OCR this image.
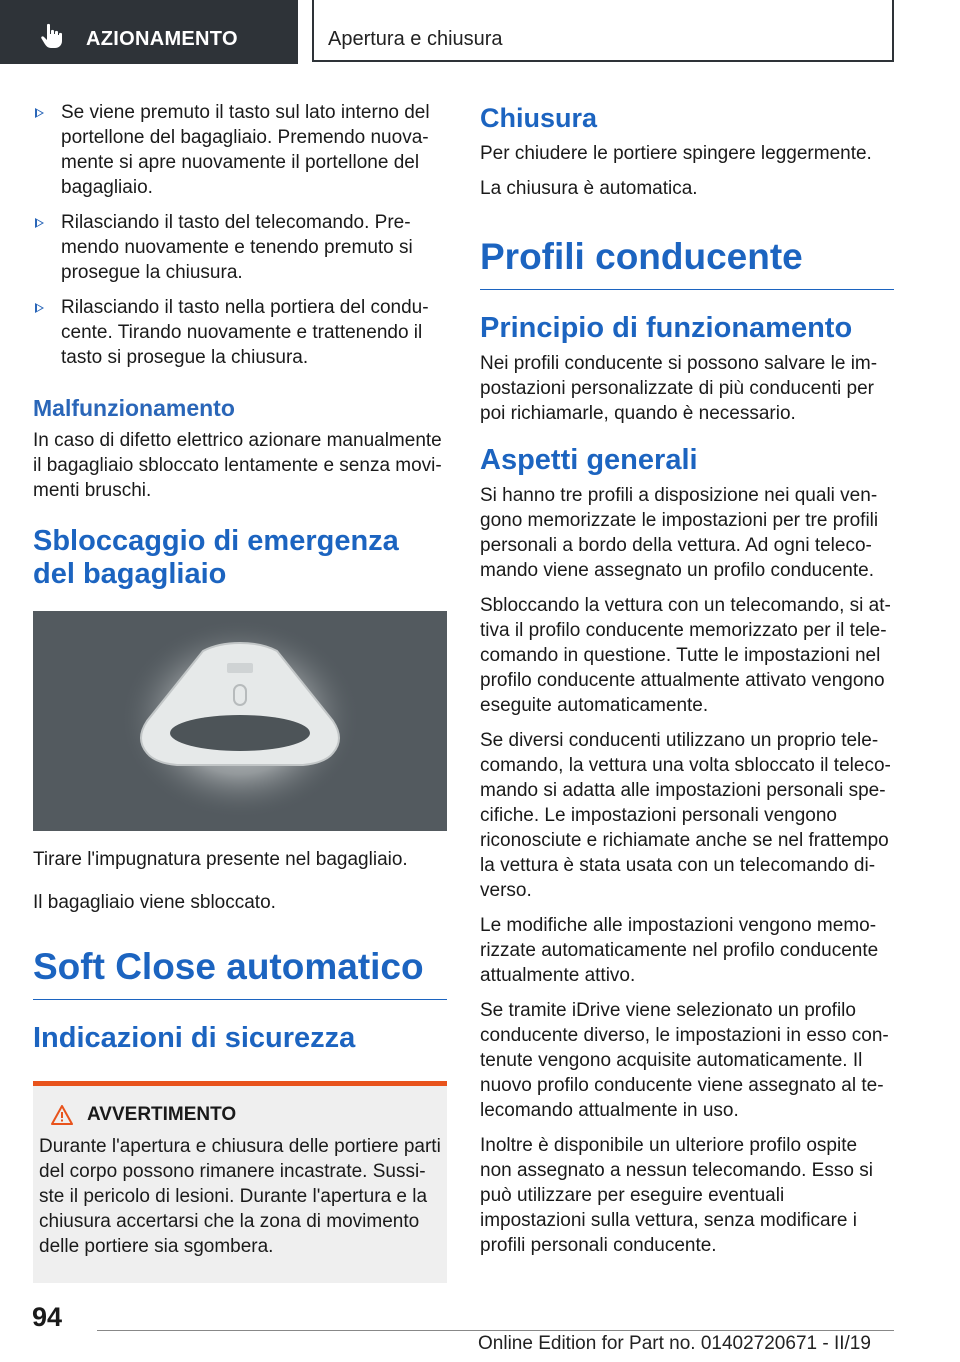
AZIONAMENTO	Apertura e chiusura
Se viene premuto il tasto sul lato interno del portellone del bagagliaio. Premendo nuovamente si apre nuovamente il portellone del bagagliaio.
Rilasciando il tasto del telecomando. Premendo nuovamente e tenendo premuto si prosegue la chiusura.
Rilasciando il tasto nella portiera del conducente. Tirando nuovamente e trattenendo il tasto si prosegue la chiusura.
Malfunzionamento

In caso di difetto elettrico azionare manualmente il bagagliaio sbloccato lentamente e senza movimenti bruschi.

Sbloccaggio di emergenza del bagagliaio

Tirare l'impugnatura presente nel bagagliaio.

Il bagagliaio viene sbloccato.

Soft Close automatico
Indicazioni di sicurezza
AVVERTIMENTO
Durante l'apertura e chiusura delle portiere parti del corpo possono rimanere incastrate. Sussiste il pericolo di lesioni. Durante l'apertura e la chiusura accertarsi che la zona di movimento delle portiere sia sgombera.
Chiusura

Per chiudere le portiere spingere leggermente.

La chiusura è automatica.

Profili conducente
Principio di funzionamento

Nei profili conducente si possono salvare le impostazioni personalizzate di più conducenti per poi richiamarle, quando è necessario.

Aspetti generali

Si hanno tre profili a disposizione nei quali vengono memorizzate le impostazioni per tre profili personali a bordo della vettura. Ad ogni telecomando viene assegnato un profilo conducente.

Sbloccando la vettura con un telecomando, si attiva il profilo conducente memorizzato per il telecomando in questione. Tutte le impostazioni nel profilo conducente attualmente attivato vengono eseguite automaticamente.

Se diversi conducenti utilizzano un proprio telecomando, la vettura una volta sbloccato il telecomando si adatta alle impostazioni personali specifiche. Le impostazioni personali vengono riconosciute e richiamate anche se nel frattempo la vettura è stata usata con un telecomando diverso.

Le modifiche alle impostazioni vengono memorizzate automaticamente nel profilo conducente attualmente attivo.

Se tramite iDrive viene selezionato un profilo conducente diverso, le impostazioni in esso contenute vengono acquisite automaticamente. Il nuovo profilo conducente viene assegnato al telecomando attualmente in uso.

Inoltre è disponibile un ulteriore profilo ospite non assegnato a nessun telecomando. Esso si può utilizzare per eseguire eventuali impostazioni sulla vettura, senza modificare i profili personali conducente.

94
Online Edition for Part no. 01402720671 - II/19
